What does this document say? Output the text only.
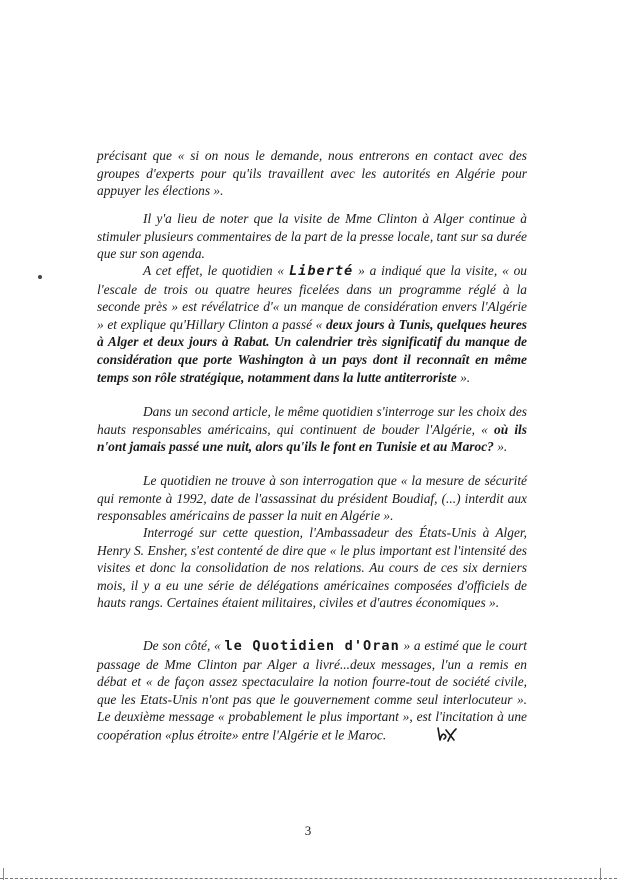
précisant que « si on nous le demande, nous entrerons en contact avec des groupes d'experts pour qu'ils travaillent avec les autorités en Algérie pour appuyer les élections ».

Il y'a lieu de noter que la visite de Mme Clinton à Alger continue à stimuler plusieurs commentaires de la part de la presse locale, tant sur sa durée que sur son agenda.

A cet effet, le quotidien « Liberté » a indiqué que la visite, « ou l'escale de trois ou quatre heures ficelées dans un programme réglé à la seconde près » est révélatrice d'« un manque de considération envers l'Algérie » et explique qu'Hillary Clinton a passé « deux jours à Tunis, quelques heures à Alger et deux jours à Rabat. Un calendrier très significatif du manque de considération que porte Washington à un pays dont il reconnaît en même temps son rôle stratégique, notamment dans la lutte antiterroriste ».

Dans un second article, le même quotidien s'interroge sur les choix des hauts responsables américains, qui continuent de bouder l'Algérie, « où ils n'ont jamais passé une nuit, alors qu'ils le font en Tunisie et au Maroc? ».

Le quotidien ne trouve à son interrogation que « la mesure de sécurité qui remonte à 1992, date de l'assassinat du président Boudiaf, (...) interdit aux responsables américains de passer la nuit en Algérie ».

Interrogé sur cette question, l'Ambassadeur des États-Unis à Alger, Henry S. Ensher, s'est contenté de dire que « le plus important est l'intensité des visites et donc la consolidation de nos relations. Au cours de ces six derniers mois, il y a eu une série de délégations américaines composées d'officiels de hauts rangs. Certaines étaient militaires, civiles et d'autres économiques ».

De son côté, « le Quotidien d'Oran » a estimé que le court passage de Mme Clinton par Alger a livré...deux messages, l'un a remis en débat et « de façon assez spectaculaire la notion fourre-tout de société civile, que les Etats-Unis n'ont pas que le gouvernement comme seul interlocuteur ». Le deuxième message « probablement le plus important », est l'incitation à une coopération «plus étroite» entre l'Algérie et le Maroc.

3
